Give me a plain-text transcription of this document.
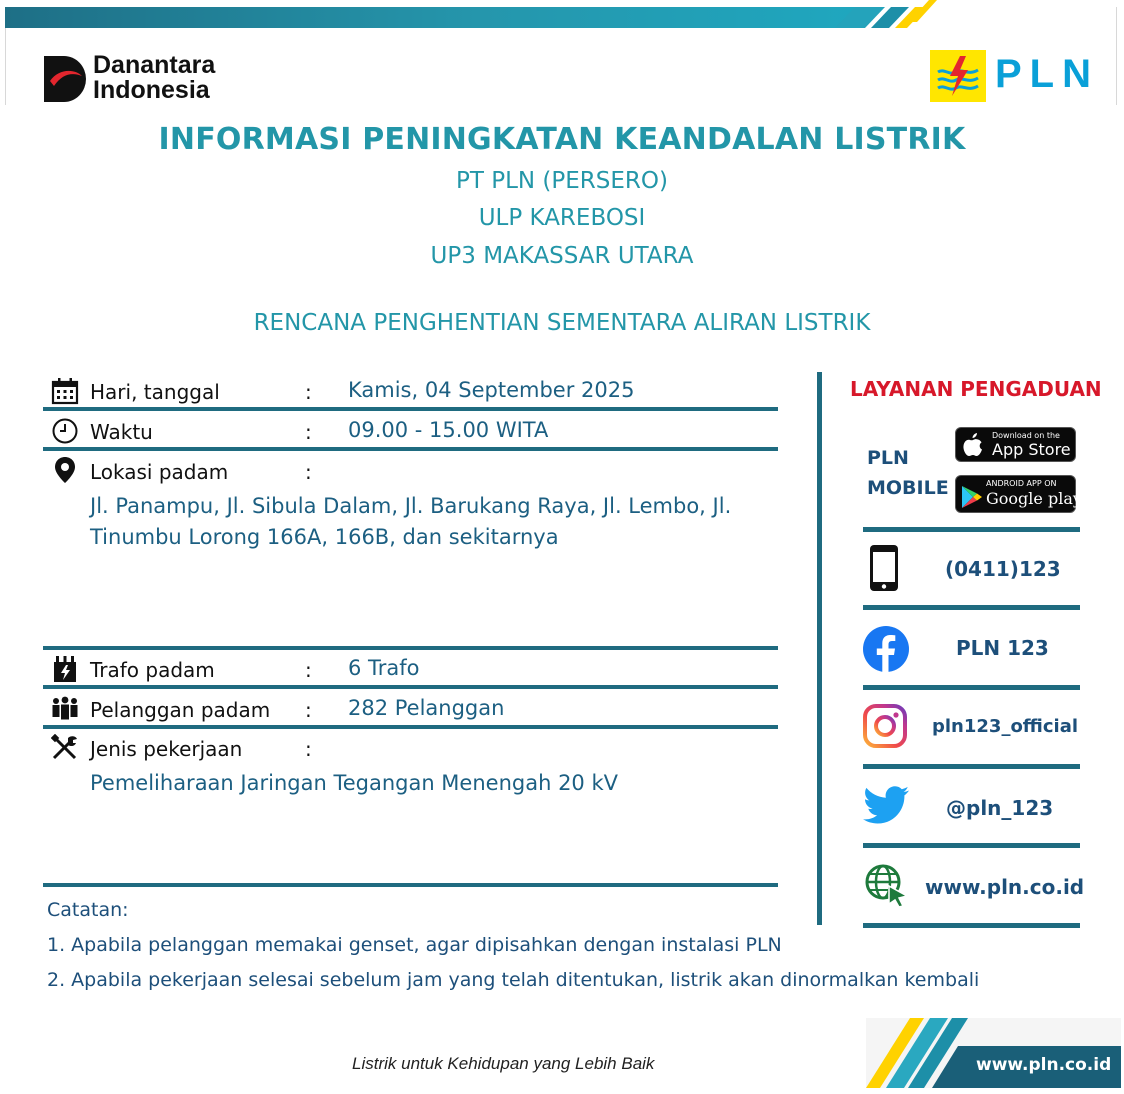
Danantara
Indonesia	PLN
INFORMASI PENINGKATAN KEANDALAN LISTRIK
PT PLN (PERSERO)
ULP KAREBOSI
UP3 MAKASSAR UTARA
RENCANA PENGHENTIAN SEMENTARA ALIRAN LISTRIK
Hari, tanggal	: Kamis, 04 September 2025
Waktu	: 09.00 - 15.00 WITA
Lokasi padam	:
Jl. Panampu, Jl. Sibula Dalam, Jl. Barukang Raya, Jl. Lembo, Jl.
Tinumbu Lorong 166A, 166B, dan sekitarnya
Trafo padam	: 6 Trafo
Pelanggan padam : 282 Pelanggan
Jenis pekerjaan	:
Pemeliharaan Jaringan Tegangan Menengah 20 kV
LAYANAN PENGADUAN
PLN
MOBILE
Download on the
App Store
ANDROID APP ON
Google play
(0411)123
PLN 123
pln123_official
@pln_123
www.pln.co.id
Catatan:
1. Apabila pelanggan memakai genset, agar dipisahkan dengan instalasi PLN
2. Apabila pekerjaan selesai sebelum jam yang telah ditentukan, listrik akan dinormalkan kembali
Listrik untuk Kehidupan yang Lebih Baik	www.pln.co.id
